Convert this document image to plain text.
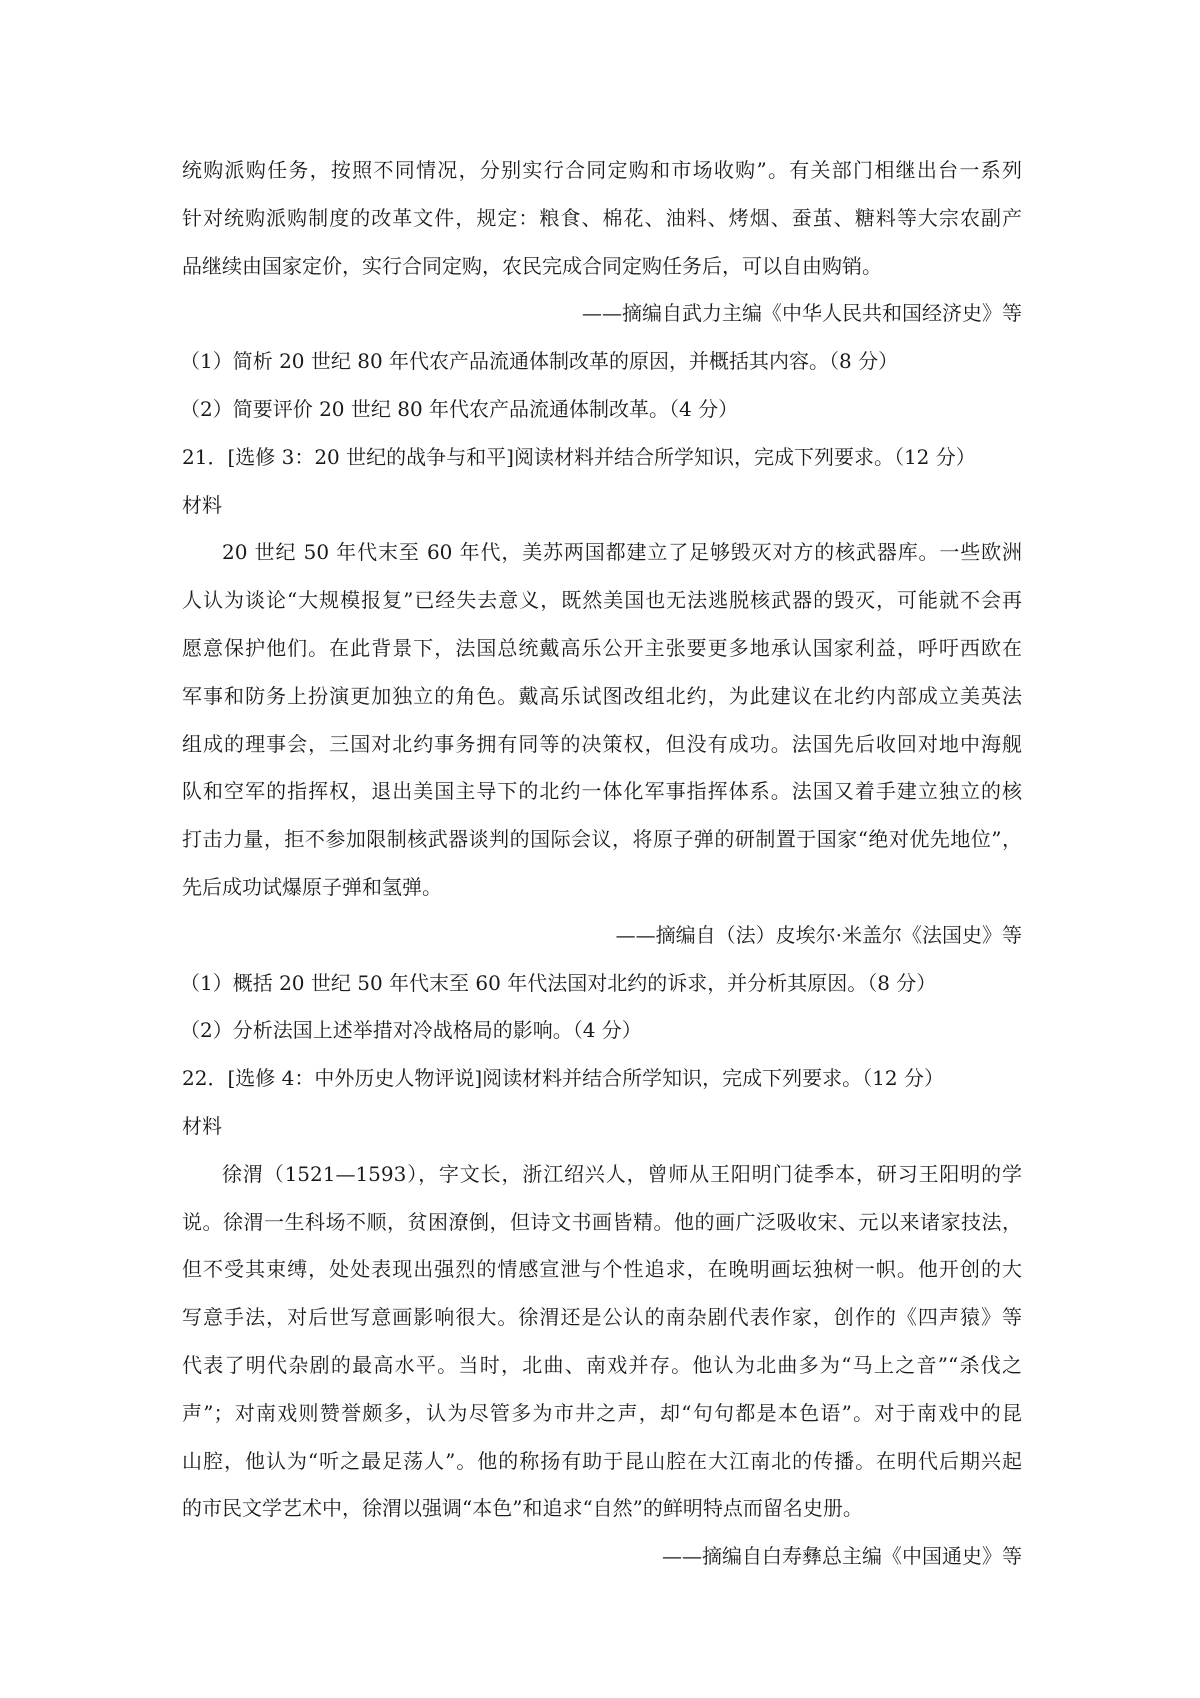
统购派购任务，按照不同情况，分别实行合同定购和市场收购”。有关部门相继出台一系列

针对统购派购制度的改革文件，规定：粮食、棉花、油料、烤烟、蚕茧、糖料等大宗农副产

品继续由国家定价，实行合同定购，农民完成合同定购任务后，可以自由购销。

——摘编自武力主编《中华人民共和国经济史》等

（1）简析 20 世纪 80 年代农产品流通体制改革的原因，并概括其内容。（8 分）

（2）简要评价 20 世纪 80 年代农产品流通体制改革。（4 分）

21．[选修 3：20 世纪的战争与和平]阅读材料并结合所学知识，完成下列要求。（12 分）

材料

20 世纪 50 年代末至 60 年代，美苏两国都建立了足够毁灭对方的核武器库。一些欧洲

人认为谈论“大规模报复”已经失去意义，既然美国也无法逃脱核武器的毁灭，可能就不会再

愿意保护他们。在此背景下，法国总统戴高乐公开主张要更多地承认国家利益，呼吁西欧在

军事和防务上扮演更加独立的角色。戴高乐试图改组北约，为此建议在北约内部成立美英法

组成的理事会，三国对北约事务拥有同等的决策权，但没有成功。法国先后收回对地中海舰

队和空军的指挥权，退出美国主导下的北约一体化军事指挥体系。法国又着手建立独立的核

打击力量，拒不参加限制核武器谈判的国际会议，将原子弹的研制置于国家“绝对优先地位”，

先后成功试爆原子弹和氢弹。

——摘编自（法）皮埃尔·米盖尔《法国史》等

（1）概括 20 世纪 50 年代末至 60 年代法国对北约的诉求，并分析其原因。（8 分）

（2）分析法国上述举措对冷战格局的影响。（4 分）

22．[选修 4：中外历史人物评说]阅读材料并结合所学知识，完成下列要求。（12 分）

材料

徐渭（1521—1593），字文长，浙江绍兴人，曾师从王阳明门徒季本，研习王阳明的学

说。徐渭一生科场不顺，贫困潦倒，但诗文书画皆精。他的画广泛吸收宋、元以来诸家技法，

但不受其束缚，处处表现出强烈的情感宣泄与个性追求，在晚明画坛独树一帜。他开创的大

写意手法，对后世写意画影响很大。徐渭还是公认的南杂剧代表作家，创作的《四声猿》等

代表了明代杂剧的最高水平。当时，北曲、南戏并存。他认为北曲多为“马上之音”“杀伐之

声”；对南戏则赞誉颇多，认为尽管多为市井之声，却“句句都是本色语”。对于南戏中的昆

山腔，他认为“听之最足荡人”。他的称扬有助于昆山腔在大江南北的传播。在明代后期兴起

的市民文学艺术中，徐渭以强调“本色”和追求“自然”的鲜明特点而留名史册。

——摘编自白寿彝总主编《中国通史》等
